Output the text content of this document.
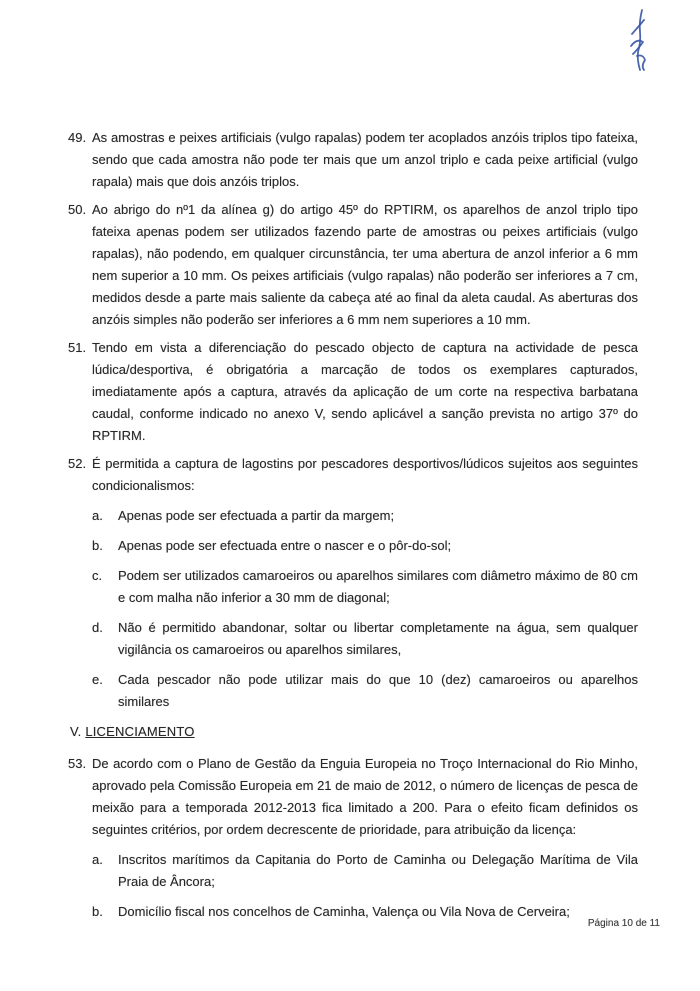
49. As amostras e peixes artificiais (vulgo rapalas) podem ter acoplados anzóis triplos tipo fateixa, sendo que cada amostra não pode ter mais que um anzol triplo e cada peixe artificial (vulgo rapala) mais que dois anzóis triplos.

50. Ao abrigo do nº1 da alínea g) do artigo 45º do RPTIRM, os aparelhos de anzol triplo tipo fateixa apenas podem ser utilizados fazendo parte de amostras ou peixes artificiais (vulgo rapalas), não podendo, em qualquer circunstância, ter uma abertura de anzol inferior a 6 mm nem superior a 10 mm. Os peixes artificiais (vulgo rapalas) não poderão ser inferiores a 7 cm, medidos desde a parte mais saliente da cabeça até ao final da aleta caudal. As aberturas dos anzóis simples não poderão ser inferiores a 6 mm nem superiores a 10 mm.

51. Tendo em vista a diferenciação do pescado objecto de captura na actividade de pesca lúdica/desportiva, é obrigatória a marcação de todos os exemplares capturados, imediatamente após a captura, através da aplicação de um corte na respectiva barbatana caudal, conforme indicado no anexo V, sendo aplicável a sanção prevista no artigo 37º do RPTIRM.

52. É permitida a captura de lagostins por pescadores desportivos/lúdicos sujeitos aos seguintes condicionalismos:

a.	Apenas pode ser efectuada a partir da margem;

b.	Apenas pode ser efectuada entre o nascer e o pôr-do-sol;

c.	Podem ser utilizados camaroeiros ou aparelhos similares com diâmetro máximo de 80 cm e com malha não inferior a 30 mm de diagonal;

d.	Não é permitido abandonar, soltar ou libertar completamente na água, sem qualquer vigilância os camaroeiros ou aparelhos similares,

e.	Cada pescador não pode utilizar mais do que 10 (dez) camaroeiros ou aparelhos similares

V. LICENCIAMENTO
53. De acordo com o Plano de Gestão da Enguia Europeia no Troço Internacional do Rio Minho, aprovado pela Comissão Europeia em 21 de maio de 2012, o número de licenças de pesca de meixão para a temporada 2012-2013 fica limitado a 200. Para o efeito ficam definidos os seguintes critérios, por ordem decrescente de prioridade, para atribuição da licença:

a.	Inscritos marítimos da Capitania do Porto de Caminha ou Delegação Marítima de Vila Praia de Âncora;

b.	Domicílio fiscal nos concelhos de Caminha, Valença ou Vila Nova de Cerveira;

Página 10 de 11
